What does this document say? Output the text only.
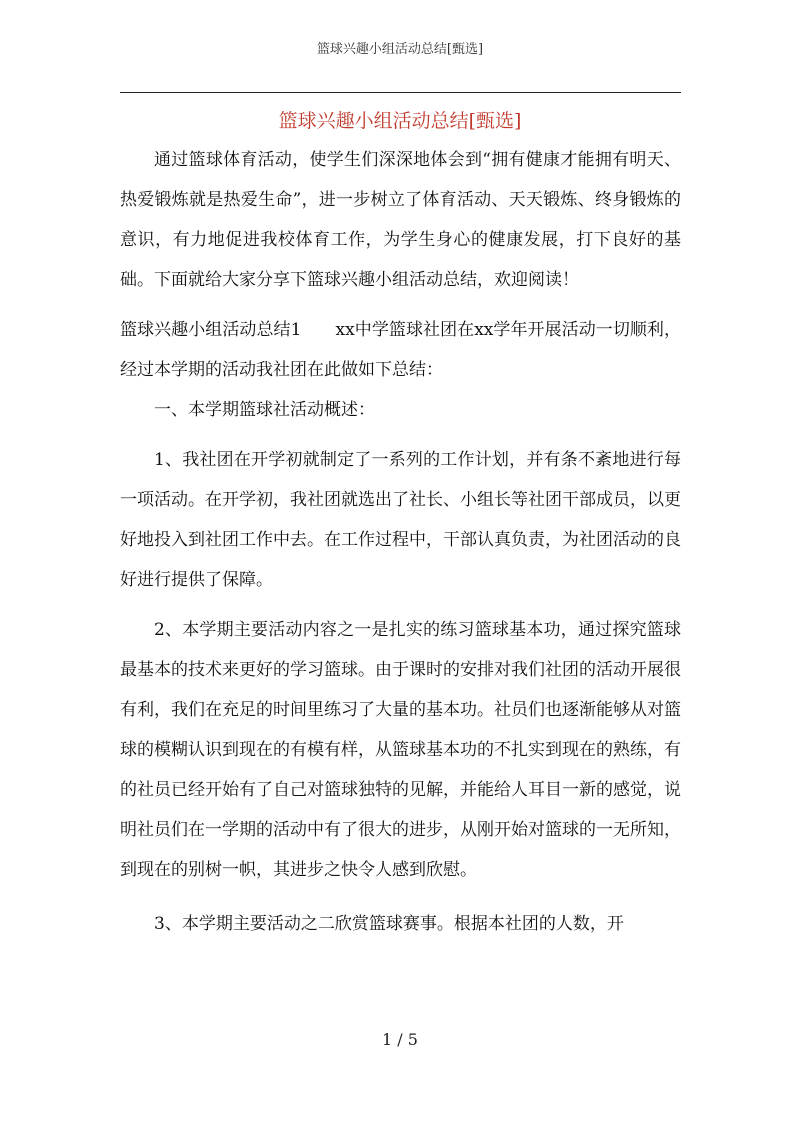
篮球兴趣小组活动总结[甄选]
篮球兴趣小组活动总结[甄选]

通过篮球体育活动，使学生们深深地体会到“拥有健康才能拥有明天、热爱锻炼就是热爱生命”，进一步树立了体育活动、天天锻炼、终身锻炼的意识，有力地促进我校体育工作，为学生身心的健康发展，打下良好的基础。下面就给大家分享下篮球兴趣小组活动总结，欢迎阅读！

篮球兴趣小组活动总结1　　xx中学篮球社团在xx学年开展活动一切顺利，经过本学期的活动我社团在此做如下总结：

一、本学期篮球社活动概述：

1、我社团在开学初就制定了一系列的工作计划，并有条不紊地进行每一项活动。在开学初，我社团就选出了社长、小组长等社团干部成员，以更好地投入到社团工作中去。在工作过程中，干部认真负责，为社团活动的良好进行提供了保障。

2、本学期主要活动内容之一是扎实的练习篮球基本功，通过探究篮球最基本的技术来更好的学习篮球。由于课时的安排对我们社团的活动开展很有利，我们在充足的时间里练习了大量的基本功。社员们也逐渐能够从对篮球的模糊认识到现在的有模有样，从篮球基本功的不扎实到现在的熟练，有的社员已经开始有了自己对篮球独特的见解，并能给人耳目一新的感觉，说明社员们在一学期的活动中有了很大的进步，从刚开始对篮球的一无所知，到现在的别树一帜，其进步之快令人感到欣慰。

3、本学期主要活动之二欣赏篮球赛事。根据本社团的人数，开

1 / 5
